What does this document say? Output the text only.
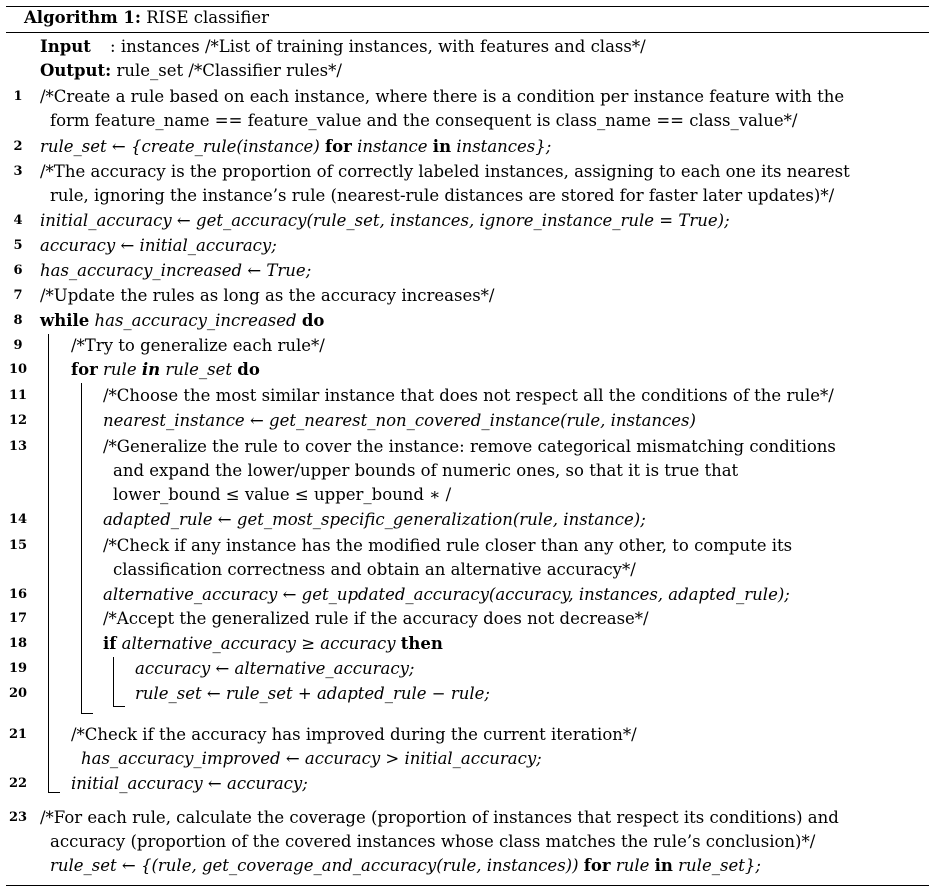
Algorithm 1: RISE classifier
Input : instances /*List of training instances, with features and class*/
Output: rule_set /*Classifier rules*/
1	/*Create a rule based on each instance, where there is a condition per instance feature with the
form feature_name == feature_value and the consequent is class_name == class_value*/
2	rule_set ← {create_rule(instance) for instance in instances};
3	/*The accuracy is the proportion of correctly labeled instances, assigning to each one its nearest
rule, ignoring the instance’s rule (nearest-rule distances are stored for faster later updates)*/
4	initial_accuracy ← get_accuracy(rule_set, instances, ignore_instance_rule = True);
5	accuracy ← initial_accuracy;
6	has_accuracy_increased ← True;
7	/*Update the rules as long as the accuracy increases*/
8	while has_accuracy_increased do
9	/*Try to generalize each rule*/
10	for rule in rule_set do
11	/*Choose the most similar instance that does not respect all the conditions of the rule*/
12	nearest_instance ← get_nearest_non_covered_instance(rule, instances)
13	/*Generalize the rule to cover the instance: remove categorical mismatching conditions
and expand the lower/upper bounds of numeric ones, so that it is true that
lower_bound ≤ value ≤ upper_bound ∗ /
14	adapted_rule ← get_most_specific_generalization(rule, instance);
15	/*Check if any instance has the modified rule closer than any other, to compute its
classification correctness and obtain an alternative accuracy*/
16	alternative_accuracy ← get_updated_accuracy(accuracy, instances, adapted_rule);
17	/*Accept the generalized rule if the accuracy does not decrease*/
18	if alternative_accuracy ≥ accuracy then
19	accuracy ← alternative_accuracy;
20	rule_set ← rule_set + adapted_rule − rule;
21	/*Check if the accuracy has improved during the current iteration*/
has_accuracy_improved ← accuracy > initial_accuracy;
22	initial_accuracy ← accuracy;
23 /*For each rule, calculate the coverage (proportion of instances that respect its conditions) and
accuracy (proportion of the covered instances whose class matches the rule’s conclusion)*/
rule_set ← {(rule, get_coverage_and_accuracy(rule, instances)) for rule in rule_set};
